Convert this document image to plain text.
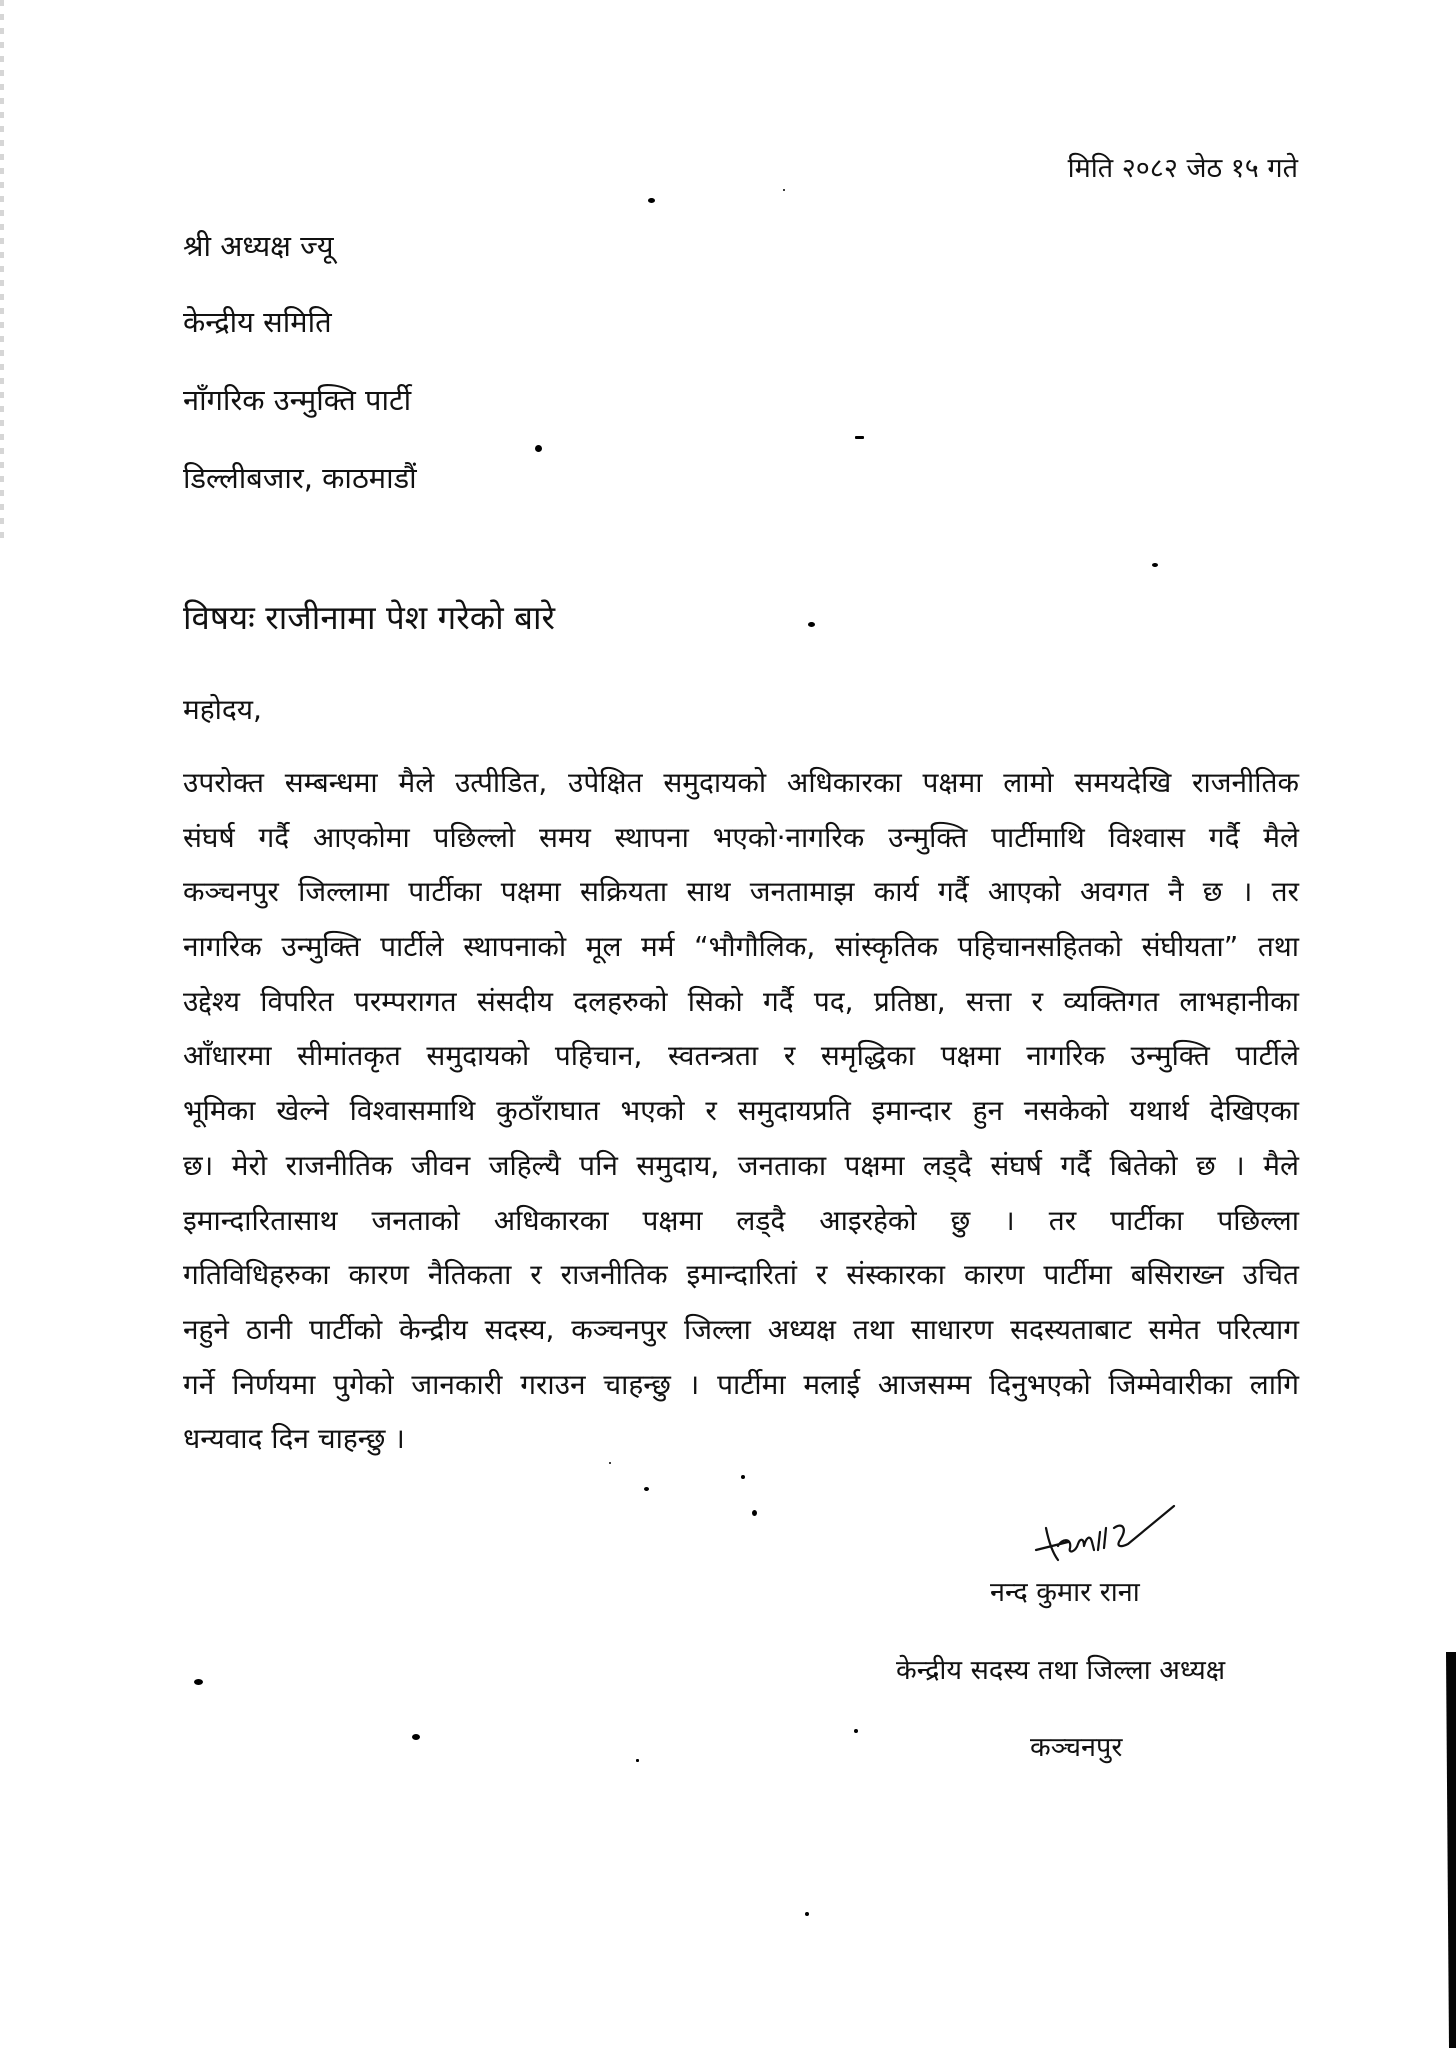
मिति २०८२ जेठ १५ गते
श्री अध्यक्ष ज्यू
केन्द्रीय समिति
नाँगरिक उन्मुक्ति पार्टी
डिल्लीबजार, काठमाडौं
विषयः राजीनामा पेश गरेको बारे
महोदय,
उपरोक्त सम्बन्धमा मैले उत्पीडित, उपेक्षित समुदायको अधिकारका पक्षमा लामो समयदेखि राजनीतिक
संघर्ष गर्दै आएकोमा पछिल्लो समय स्थापना भएको·नागरिक उन्मुक्ति पार्टीमाथि विश्वास गर्दै मैले
कञ्चनपुर जिल्लामा पार्टीका पक्षमा सक्रियता साथ जनतामाझ कार्य गर्दै आएको अवगत नै छ । तर
नागरिक उन्मुक्ति पार्टीले स्थापनाको मूल मर्म “भौगौलिक, सांस्कृतिक पहिचानसहितको संघीयता” तथा
उद्देश्य विपरित परम्परागत संसदीय दलहरुको सिको गर्दै पद, प्रतिष्ठा, सत्ता र व्यक्तिगत लाभहानीका
आँधारमा सीमांतकृत समुदायको पहिचान, स्वतन्त्रता र समृद्धिका पक्षमा नागरिक उन्मुक्ति पार्टीले
भूमिका खेल्ने विश्वासमाथि कुठाँराघात भएको र समुदायप्रति इमान्दार हुन नसकेको यथार्थ देखिएका
छ। मेरो राजनीतिक जीवन जहिल्यै पनि समुदाय, जनताका पक्षमा लड्दै संघर्ष गर्दै बितेको छ । मैले
इमान्दारितासाथ जनताको अधिकारका पक्षमा लड्दै आइरहेको छु । तर पार्टीका पछिल्ला
गतिविधिहरुका कारण नैतिकता र राजनीतिक इमान्दारितां र संस्कारका कारण पार्टीमा बसिराख्न उचित
नहुने ठानी पार्टीको केन्द्रीय सदस्य, कञ्चनपुर जिल्ला अध्यक्ष तथा साधारण सदस्यताबाट समेत परित्याग
गर्ने निर्णयमा पुगेको जानकारी गराउन चाहन्छु । पार्टीमा मलाई आजसम्म दिनुभएको जिम्मेवारीका लागि
धन्यवाद दिन चाहन्छु ।
नन्द कुमार राना
केन्द्रीय सदस्य तथा जिल्ला अध्यक्ष
कञ्चनपुर
